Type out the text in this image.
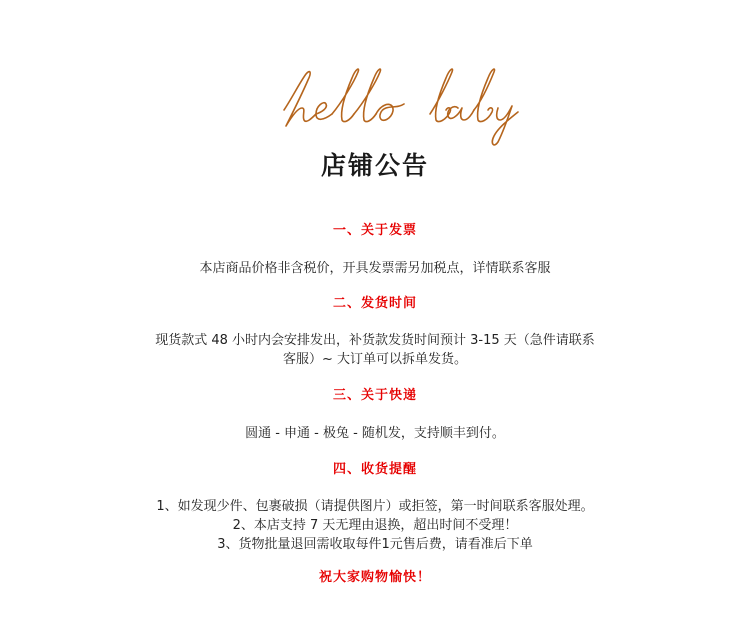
店铺公告
一、关于发票
本店商品价格非含税价，开具发票需另加税点，详情联系客服
二、发货时间
现货款式 48 小时内会安排发出，补货款发货时间预计 3-15 天（急件请联系
客服）~ 大订单可以拆单发货。
三、关于快递
圆通 - 申通 - 极兔 - 随机发，支持顺丰到付。
四、收货提醒
1、如发现少件、包裹破损（请提供图片）或拒签，第一时间联系客服处理。
2、本店支持 7 天无理由退换，超出时间不受理！
3、货物批量退回需收取每件1元售后费，请看准后下单
祝大家购物愉快！
